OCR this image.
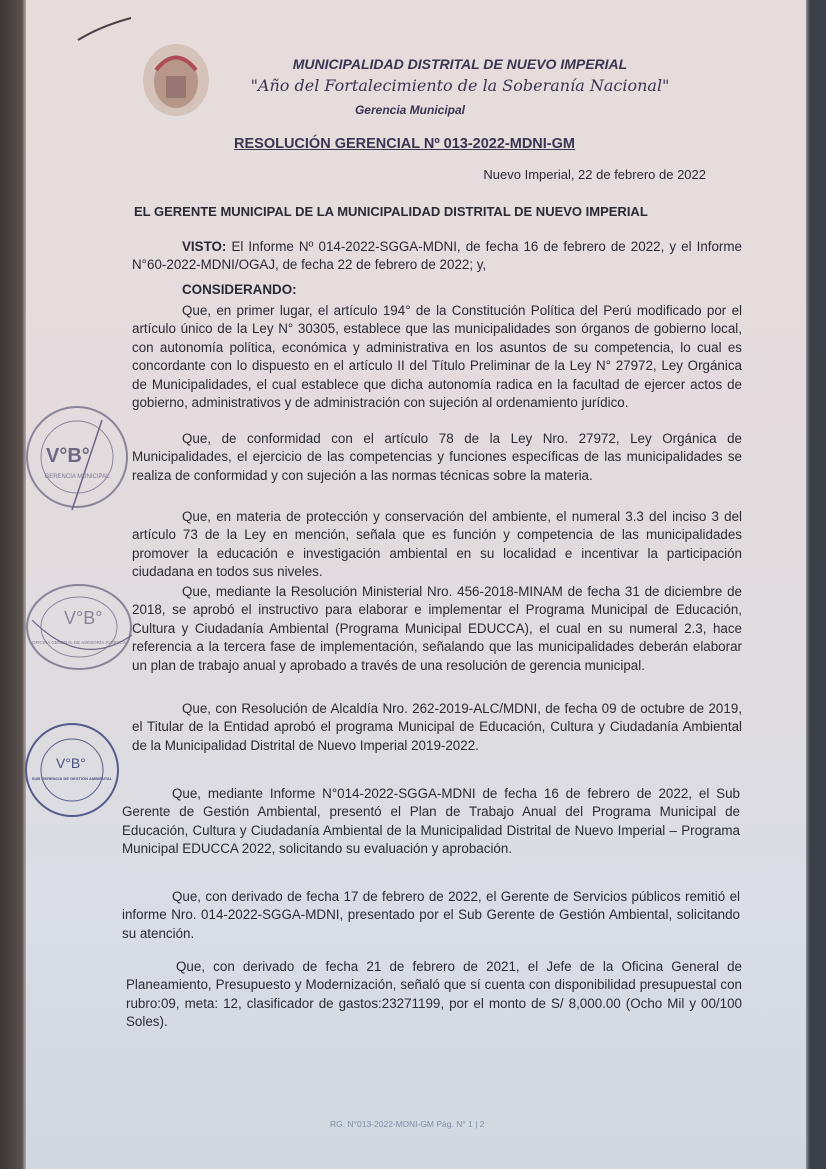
MUNICIPALIDAD DISTRITAL DE NUEVO IMPERIAL
"Año del Fortalecimiento de la Soberanía Nacional"
Gerencia Municipal
RESOLUCIÓN GERENCIAL Nº 013-2022-MDNI-GM
Nuevo Imperial, 22 de febrero de 2022
EL GERENTE MUNICIPAL DE LA MUNICIPALIDAD DISTRITAL DE NUEVO IMPERIAL
VISTO: El Informe Nº 014-2022-SGGA-MDNI, de fecha 16 de febrero de 2022, y el Informe N°60-2022-MDNI/OGAJ, de fecha 22 de febrero de 2022; y,
CONSIDERANDO:
Que, en primer lugar, el artículo 194° de la Constitución Política del Perú modificado por el artículo único de la Ley N° 30305, establece que las municipalidades son órganos de gobierno local, con autonomía política, económica y administrativa en los asuntos de su competencia, lo cual es concordante con lo dispuesto en el artículo II del Título Preliminar de la Ley N° 27972, Ley Orgánica de Municipalidades, el cual establece que dicha autonomía radica en la facultad de ejercer actos de gobierno, administrativos y de administración con sujeción al ordenamiento jurídico.
Que, de conformidad con el artículo 78 de la Ley Nro. 27972, Ley Orgánica de Municipalidades, el ejercicio de las competencias y funciones específicas de las municipalidades se realiza de conformidad y con sujeción a las normas técnicas sobre la materia.
Que, en materia de protección y conservación del ambiente, el numeral 3.3 del inciso 3 del artículo 73 de la Ley en mención, señala que es función y competencia de las municipalidades promover la educación e investigación ambiental en su localidad e incentivar la participación ciudadana en todos sus niveles.
Que, mediante la Resolución Ministerial Nro. 456-2018-MINAM de fecha 31 de diciembre de 2018, se aprobó el instructivo para elaborar e implementar el Programa Municipal de Educación, Cultura y Ciudadanía Ambiental (Programa Municipal EDUCCA), el cual en su numeral 2.3, hace referencia a la tercera fase de implementación, señalando que las municipalidades deberán elaborar un plan de trabajo anual y aprobado a través de una resolución de gerencia municipal.
Que, con Resolución de Alcaldía Nro. 262-2019-ALC/MDNI, de fecha 09 de octubre de 2019, el Titular de la Entidad aprobó el programa Municipal de Educación, Cultura y Ciudadanía Ambiental de la Municipalidad Distrital de Nuevo Imperial 2019-2022.
Que, mediante Informe N°014-2022-SGGA-MDNI de fecha 16 de febrero de 2022, el Sub Gerente de Gestión Ambiental, presentó el Plan de Trabajo Anual del Programa Municipal de Educación, Cultura y Ciudadanía Ambiental de la Municipalidad Distrital de Nuevo Imperial – Programa Municipal EDUCCA 2022, solicitando su evaluación y aprobación.
Que, con derivado de fecha 17 de febrero de 2022, el Gerente de Servicios públicos remitió el informe Nro. 014-2022-SGGA-MDNI, presentado por el Sub Gerente de Gestión Ambiental, solicitando su atención.
Que, con derivado de fecha 21 de febrero de 2021, el Jefe de la Oficina General de Planeamiento, Presupuesto y Modernización, señaló que sí cuenta con disponibilidad presupuestal con rubro:09, meta: 12, clasificador de gastos:23271199, por el monto de S/ 8,000.00 (Ocho Mil y 00/100 Soles).
V°B°
GERENCIA MUNICIPAL
V°B°
OFICINA GENERAL DE ASESORÍA JURÍDICA
V°B°
SUB GERENCIA DE GESTIÓN AMBIENTAL
RG. N°013-2022-MDNI-GM Pág. N° 1 | 2
